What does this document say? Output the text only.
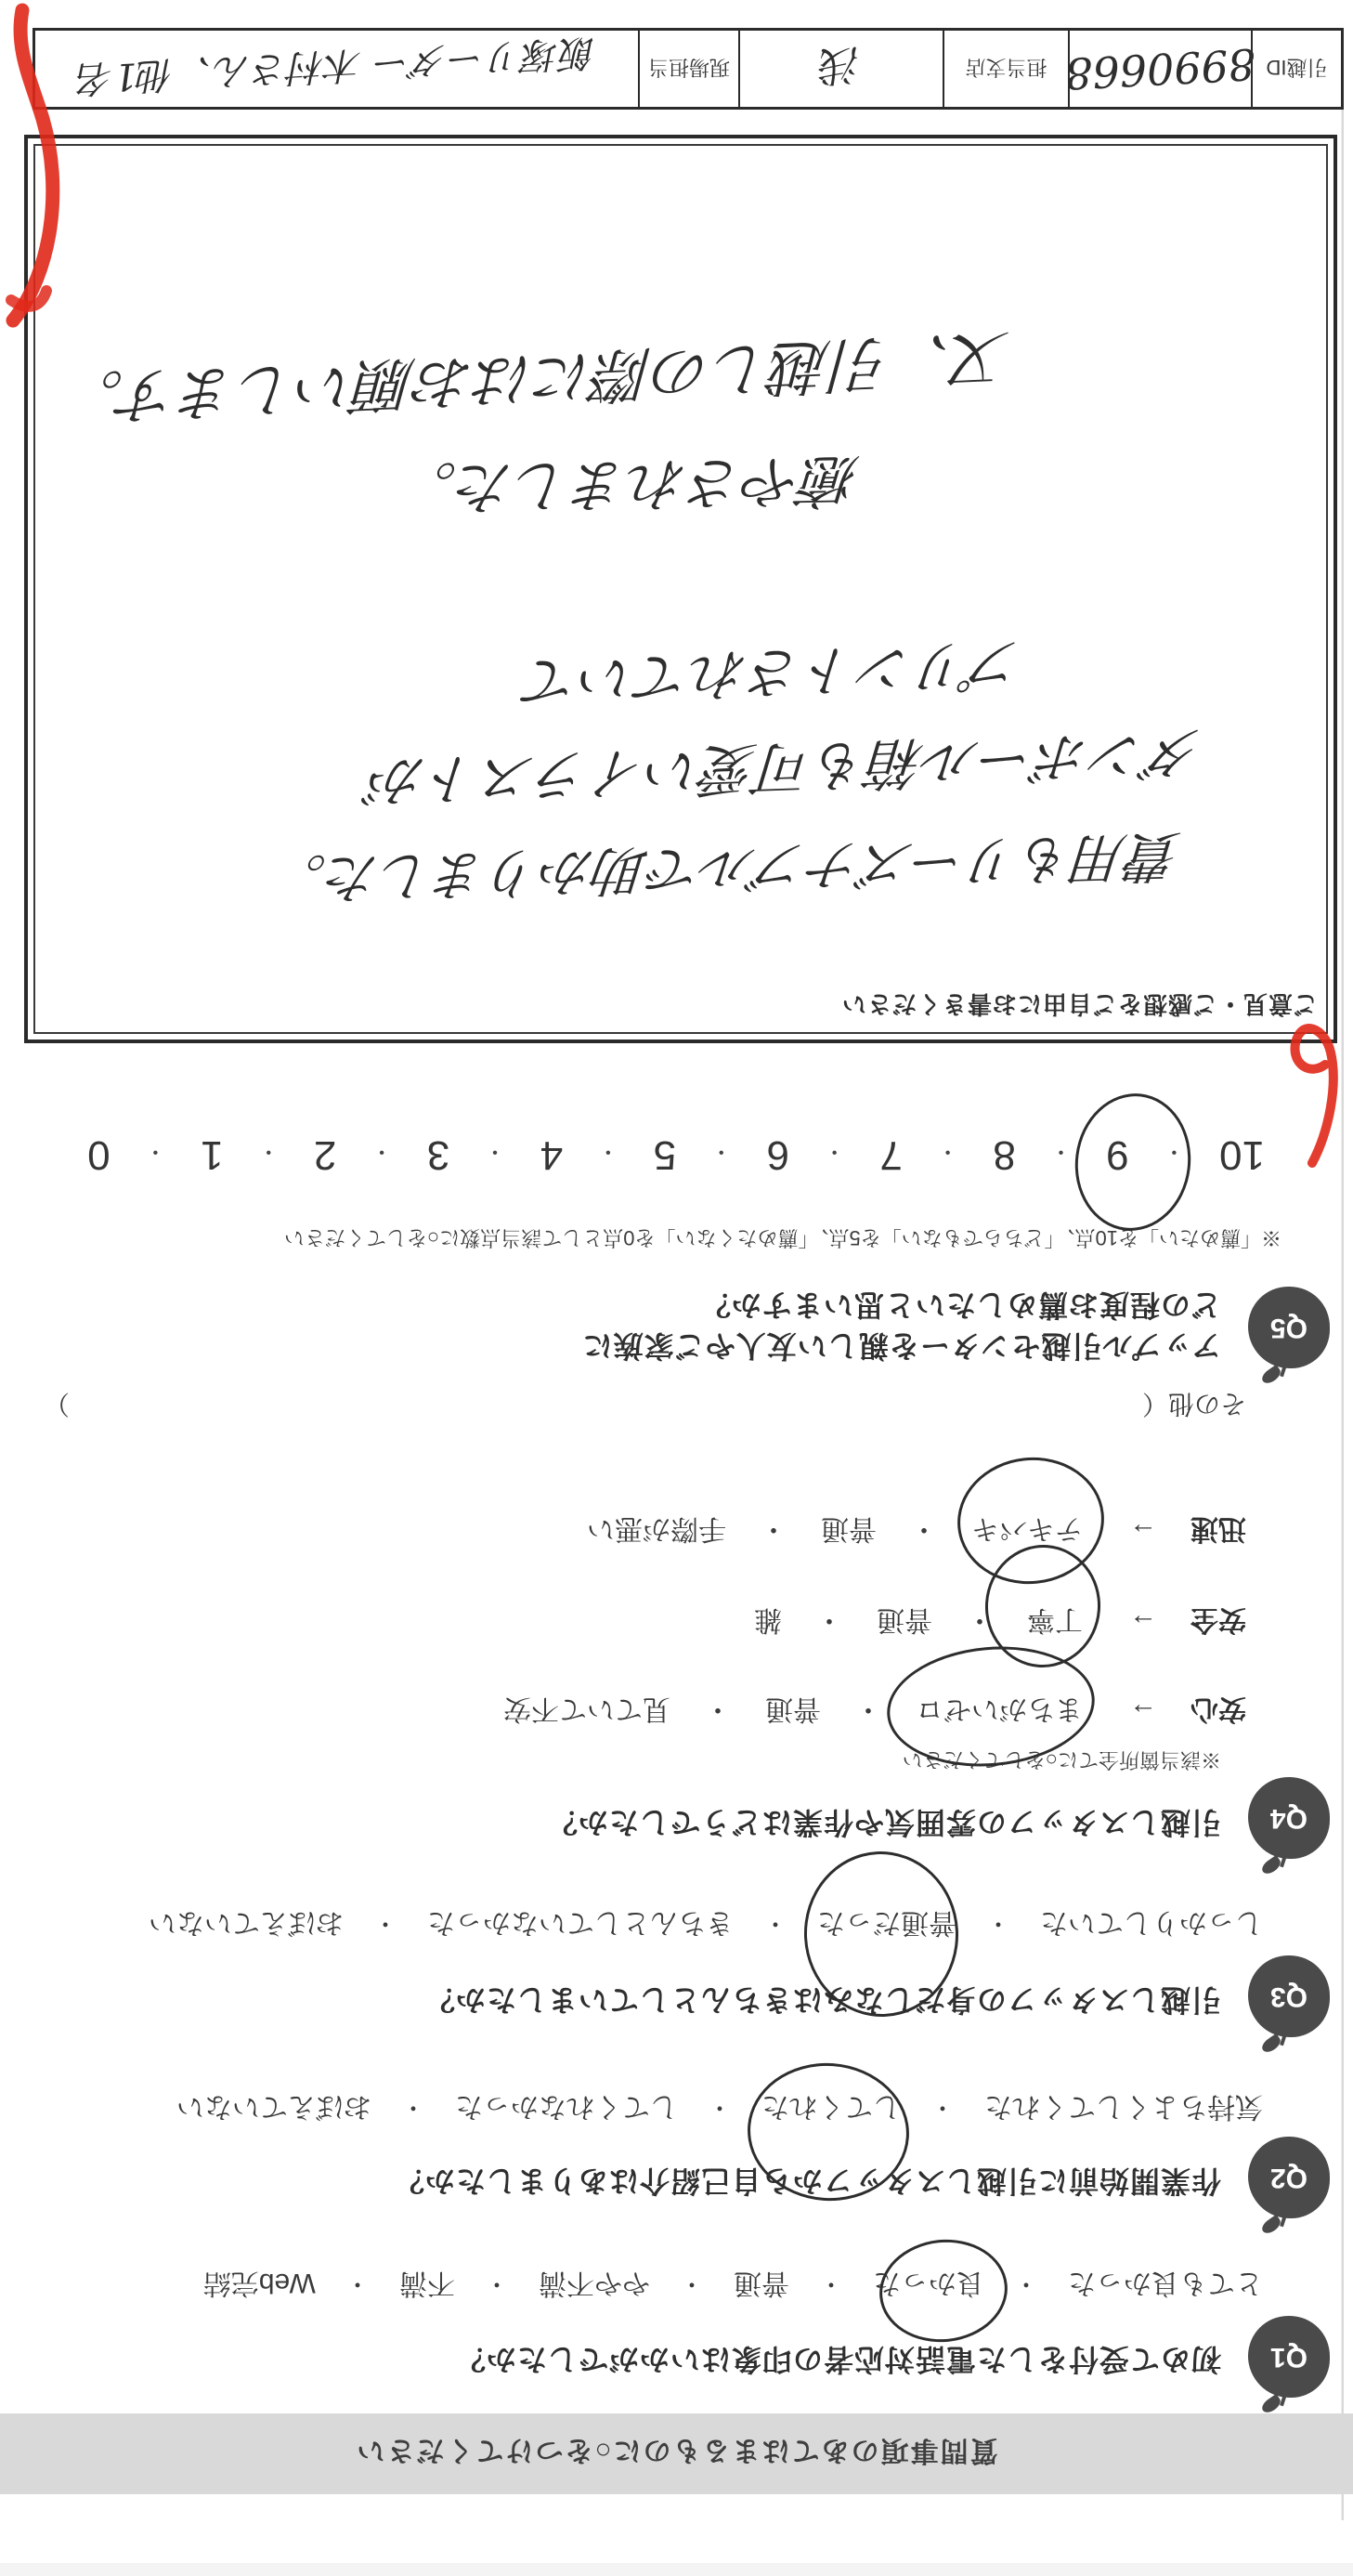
質問事項のあてはまるものに○をつけてください
Q1
初めて受付をした電話対応者の印象はいかがでしたか？
とても良かった
・
良かった
・
普通
・
やや不満
・
不満
・
Web完結
Q2
作業開始前に引越しスタッフから自己紹介はありましたか？
気持ちよくしてくれた
・
してくれた
・
してくれなかった
・
おぼえていない
Q3
引越しスタッフの身だしなみはきちんとしていましたか？
しっかりしていた
・
普通だった
・
きちんとしていなかった
・
おぼえていない
Q4
引越しスタッフの雰囲気や作業はどうでしたか？
※該当箇所全てに○をしてください
安心
→
まちがいゼロ
・
普通
・
見ていて不安
安全
→
丁寧
・
普通
・
雑
迅速
→
テキパキ
・
普通
・
手際が悪い
その他（
）
Q5
アップル引越センターを親しい友人やご家族に
どの程度お薦めしたいと思いますか？
※「薦めたい」を10点、「どちらでもない」を5点、「薦めたくない」を0点として該当点数に○をしてください
10
・
9
・
8
・
7
・
6
・
5
・
4
・
3
・
2
・
1
・
0
ご意見・ご感想をご自由にお書きください
費用もリーズナブルで助かりました。
ダンボール箱も可愛いイラストが
プリントされていて
癒やされました。
又、引越しの際にはお願いします。
引越ID
8990668
担当支店
浅
現場担当
飯塚リーダー 木村さん、他1名
